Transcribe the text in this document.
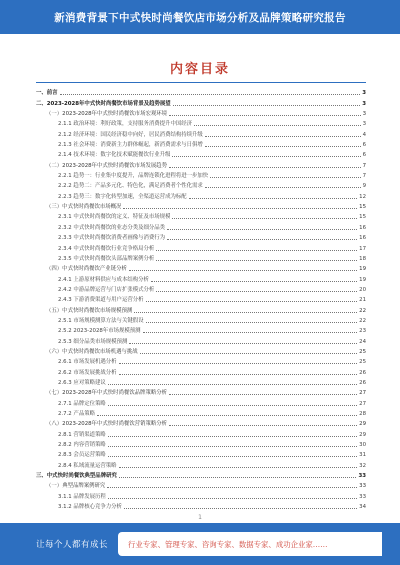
新消费背景下中式快时尚餐饮店市场分析及品牌策略研究报告
内容目录
一、前言	3
二、2023-2028年中式快时尚餐饮市场背景及趋势展望	3
（一）2023-2028年中式快时尚餐饮市场宏观环境	3
2.1.1 政治环境：利好政策，支持服务消费提升中国经济	3
2.1.2 经济环境：国民经济稳中向好，居民消费结构持续升级	4
2.1.3 社会环境：消费新主力群体崛起，新消费需求与日俱增	6
2.1.4 技术环境：数字化技术赋能餐饮行业升级	6
（二）2023-2028年中式快时尚餐饮市场发展趋势	7
2.2.1 趋势一：行业集中度提升，品牌连锁化进程将进一步加快	7
2.2.2 趋势二：产品多元化、特色化，满足消费者个性化需求	9
2.2.3 趋势三：数字化转型加速，全渠道运营成为标配	12
（三）中式快时尚餐饮市场概况	15
2.3.1 中式快时尚餐饮的定义、特征及市场规模	15
2.3.2 中式快时尚餐饮的业态分类及细分品类	16
2.3.3 中式快时尚餐饮消费者画像与消费行为	16
2.3.4 中式快时尚餐饮行业竞争格局分析	17
2.3.5 中式快时尚餐饮头部品牌案例分析	18
（四）中式快时尚餐饮产业链分析	19
2.4.1 上游原材料供应与成本结构分析	19
2.4.2 中游品牌运营与门店扩张模式分析	20
2.4.3 下游消费渠道与用户运营分析	21
（五）中式快时尚餐饮市场规模预测	22
2.5.1 市场规模测算方法与关键假设	22
2.5.2 2023-2028年市场规模预测	23
2.5.3 细分品类市场规模预测	24
（六）中式快时尚餐饮市场机遇与挑战	25
2.6.1 市场发展机遇分析	25
2.6.2 市场发展挑战分析	26
2.6.3 应对策略建议	26
（七）2023-2028年中式快时尚餐饮品牌策略分析	27
2.7.1 品牌定位策略	27
2.7.2 产品策略	28
（八）2023-2028年中式快时尚餐饮营销策略分析	29
2.8.1 营销渠道策略	29
2.8.2 内容营销策略	30
2.8.3 会员运营策略	31
2.8.4 私域流量运营策略	32
三、中式快时尚餐饮典型品牌研究	33
（一）典型品牌案例研究	33
3.1.1 品牌发展历程	33
3.1.2 品牌核心竞争力分析	34
1
让每个人都有成长	行业专家、管理专家、咨询专家、数据专家、成功企业家……
